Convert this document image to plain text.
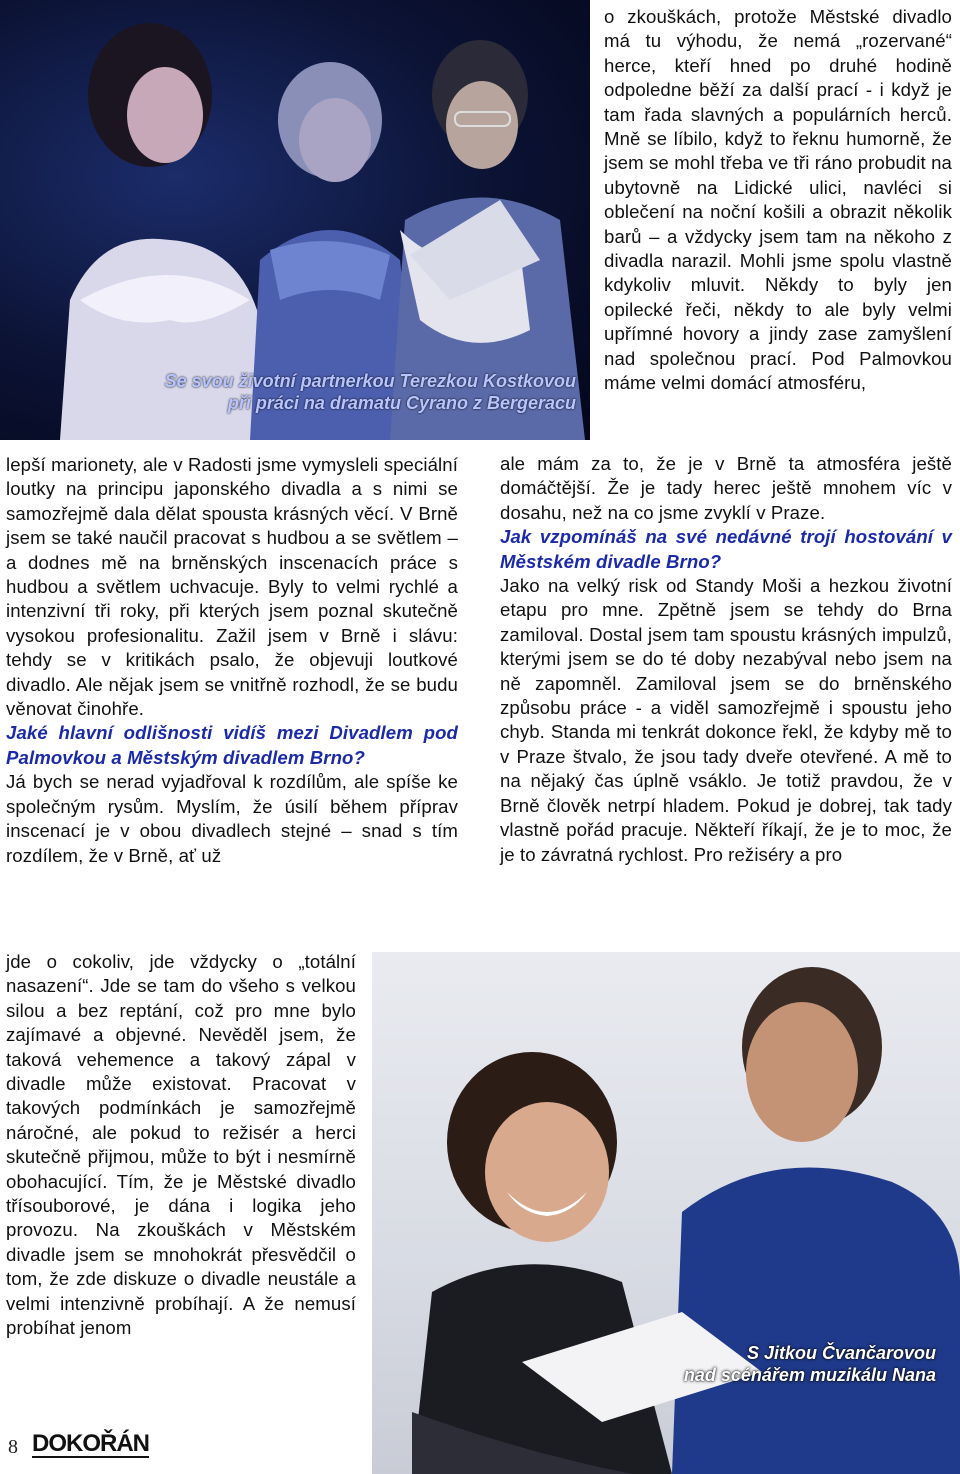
Se svou životní partnerkou Terezkou Kostkovou
při práci na dramatu Cyrano z Bergeracu

o zkouškách, protože Městské divadlo má tu výhodu, že nemá „rozervané“ herce, kteří hned po druhé hodině odpoledne běží za další prací - i když je tam řada slavných a populárních herců. Mně se líbilo, když to řeknu humorně, že jsem se mohl třeba ve tři ráno probudit na ubytovně na Lidické ulici, navléci si oblečení na noční košili a obrazit několik barů – a vždycky jsem tam na někoho z divadla narazil. Mohli jsme spolu vlastně kdykoliv mluvit. Někdy to byly jen opilecké řeči, někdy to ale byly velmi upřímné hovory a jindy zase zamyšlení nad společnou prací. Pod Palmovkou máme velmi domácí atmosféru,

lepší marionety, ale v Radosti jsme vymysleli speciální loutky na principu japonského divadla a s nimi se samozřejmě dala dělat spousta krásných věcí. V Brně jsem se také naučil pracovat s hudbou a se světlem – a dodnes mě na brněnských inscenacích práce s hudbou a světlem uchvacuje. Byly to velmi rychlé a intenzivní tři roky, při kterých jsem poznal skutečně vysokou profesionalitu. Zažil jsem v Brně i slávu: tehdy se v kritikách psalo, že objevuji loutkové divadlo. Ale nějak jsem se vnitřně rozhodl, že se budu věnovat činohře.

Jaké hlavní odlišnosti vidíš mezi Divadlem pod Palmovkou a Městským divadlem Brno?

Já bych se nerad vyjadřoval k rozdílům, ale spíše ke společným rysům. Myslím, že úsilí během příprav inscenací je v obou divadlech stejné – snad s tím rozdílem, že v Brně, ať už

jde o cokoliv, jde vždycky o „totální nasazení“. Jde se tam do všeho s velkou silou a bez reptání, což pro mne bylo zajímavé a objevné. Nevěděl jsem, že taková vehemence a takový zápal v divadle může existovat. Pracovat v takových podmínkách je samozřejmě náročné, ale pokud to režisér a herci skutečně přijmou, může to být i nesmírně obohacující. Tím, že je Městské divadlo třísouborové, je dána i logika jeho provozu. Na zkouškách v Městském divadle jsem se mnohokrát přesvědčil o tom, že zde diskuze o divadle neustále a velmi intenzivně probíhají. A že nemusí probíhat jenom

ale mám za to, že je v Brně ta atmosféra ještě domáčtější. Že je tady herec ještě mnohem víc v dosahu, než na co jsme zvyklí v Praze.

Jak vzpomínáš na své nedávné trojí hostování v Městském divadle Brno?

Jako na velký risk od Standy Moši a hezkou životní etapu pro mne. Zpětně jsem se tehdy do Brna zamiloval. Dostal jsem tam spoustu krásných impulzů, kterými jsem se do té doby nezabýval nebo jsem na ně zapomněl. Zamiloval jsem se do brněnského způsobu práce - a viděl samozřejmě i spoustu jeho chyb. Standa mi tenkrát dokonce řekl, že kdyby mě to v Praze štvalo, že jsou tady dveře otevřené. A mě to na nějaký čas úplně vsáklo. Je totiž pravdou, že v Brně člověk netrpí hladem. Pokud je dobrej, tak tady vlastně pořád pracuje. Někteří říkají, že je to moc, že je to závratná rychlost. Pro režiséry a pro

S Jitkou Čvančarovou
nad scénářem muzikálu Nana
8 DOKOŘÁN
